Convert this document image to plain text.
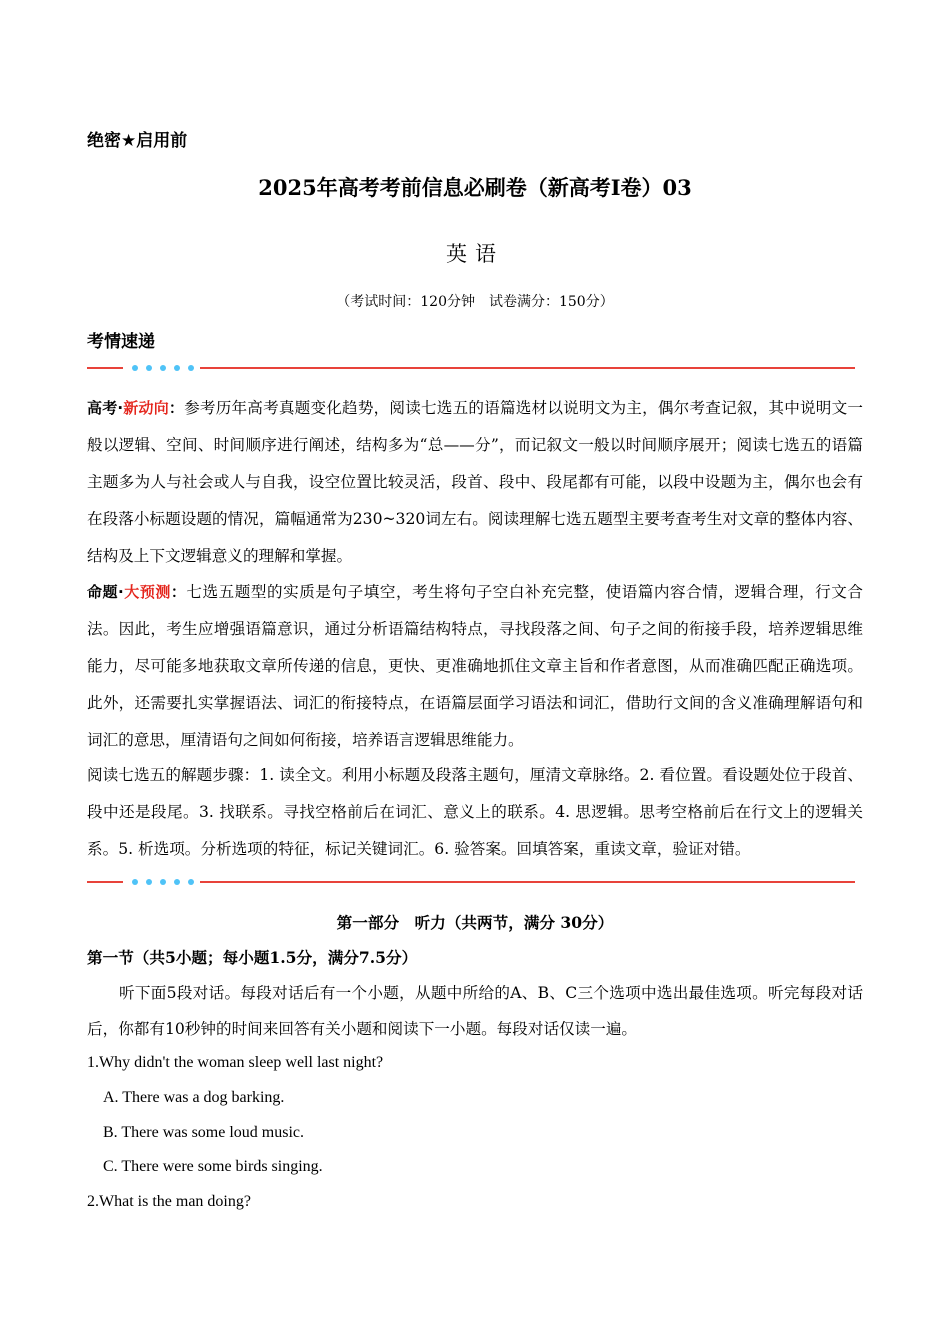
绝密★启用前
2025年高考考前信息必刷卷（新高考I卷）03
英语
（考试时间：120分钟　试卷满分：150分）
考情速递
高考·新动向：参考历年高考真题变化趋势，阅读七选五的语篇选材以说明文为主，偶尔考查记叙，其中说明文一般以逻辑、空间、时间顺序进行阐述，结构多为“总——分”，而记叙文一般以时间顺序展开；阅读七选五的语篇主题多为人与社会或人与自我，设空位置比较灵活，段首、段中、段尾都有可能，以段中设题为主，偶尔也会有在段落小标题设题的情况，篇幅通常为230~320词左右。阅读理解七选五题型主要考查考生对文章的整体内容、结构及上下文逻辑意义的理解和掌握。
命题·大预测：七选五题型的实质是句子填空，考生将句子空白补充完整，使语篇内容合情，逻辑合理，行文合法。因此，考生应增强语篇意识，通过分析语篇结构特点，寻找段落之间、句子之间的衔接手段，培养逻辑思维能力，尽可能多地获取文章所传递的信息，更快、更准确地抓住文章主旨和作者意图，从而准确匹配正确选项。此外，还需要扎实掌握语法、词汇的衔接特点，在语篇层面学习语法和词汇，借助行文间的含义准确理解语句和词汇的意思，厘清语句之间如何衔接，培养语言逻辑思维能力。
阅读七选五的解题步骤：1. 读全文。利用小标题及段落主题句，厘清文章脉络。2. 看位置。看设题处位于段首、段中还是段尾。3. 找联系。寻找空格前后在词汇、意义上的联系。4. 思逻辑。思考空格前后在行文上的逻辑关系。5. 析选项。分析选项的特征，标记关键词汇。6. 验答案。回填答案，重读文章，验证对错。
第一部分　听力（共两节，满分 30分）
第一节（共5小题；每小题1.5分，满分7.5分）
听下面5段对话。每段对话后有一个小题，从题中所给的A、B、C三个选项中选出最佳选项。听完每段对话后，你都有10秒钟的时间来回答有关小题和阅读下一小题。每段对话仅读一遍。
1.Why didn't the woman sleep well last night?
A. There was a dog barking.
B. There was some loud music.
C. There were some birds singing.
2.What is the man doing?
